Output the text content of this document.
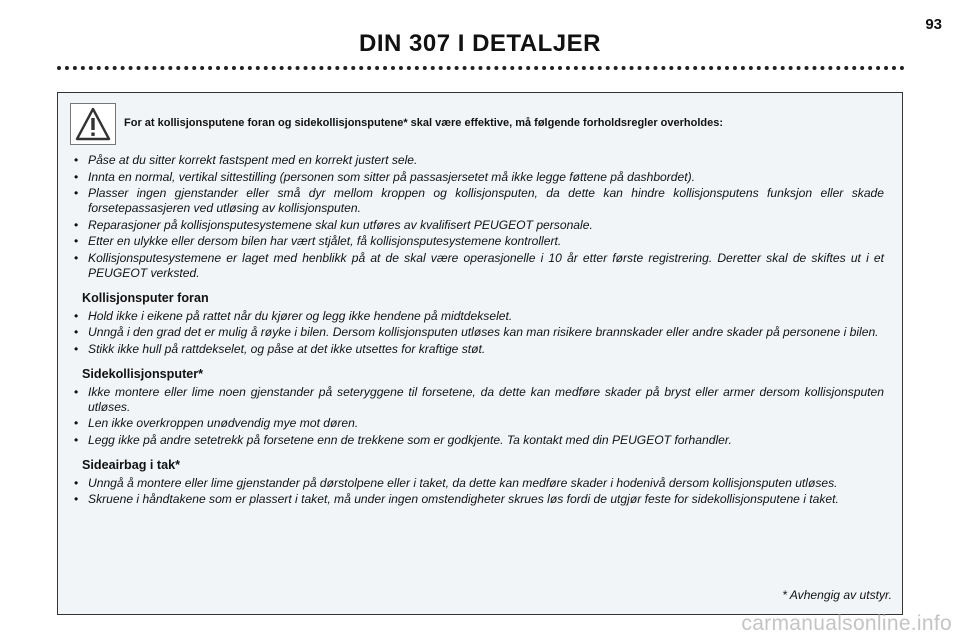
93
DIN 307 I DETALJER
For at kollisjonsputene foran og sidekollisjonsputene* skal være effektive, må følgende forholdsregler overholdes:
• Påse at du sitter korrekt fastspent med en korrekt justert sele.
• Innta en normal, vertikal sittestilling (personen som sitter på passasjersetet må ikke legge føttene på dashbordet).
• Plasser ingen gjenstander eller små dyr mellom kroppen og kollisjonsputen, da dette kan hindre kollisjonsputens funksjon eller skade forsetepassasjeren ved utløsing av kollisjonsputen.
• Reparasjoner på kollisjonsputesystemene skal kun utføres av kvalifisert PEUGEOT personale.
• Etter en ulykke eller dersom bilen har vært stjålet, få kollisjonsputesystemene kontrollert.
• Kollisjonsputesystemene er laget med henblikk på at de skal være operasjonelle i 10 år etter første registrering. Deretter skal de skiftes ut i et PEUGEOT verksted.
Kollisjonsputer foran
• Hold ikke i eikene på rattet når du kjører og legg ikke hendene på midtdekselet.
• Unngå i den grad det er mulig å røyke i bilen. Dersom kollisjonsputen utløses kan man risikere brannskader eller andre skader på personene i bilen.
• Stikk ikke hull på rattdekselet, og påse at det ikke utsettes for kraftige støt.
Sidekollisjonsputer*
• Ikke montere eller lime noen gjenstander på seteryggene til forsetene, da dette kan medføre skader på bryst eller armer dersom kollisjonsputen utløses.
• Len ikke overkroppen unødvendig mye mot døren.
• Legg ikke på andre setetrekk på forsetene enn de trekkene som er godkjente. Ta kontakt med din PEUGEOT forhandler.
Sideairbag i tak*
• Unngå å montere eller lime gjenstander på dørstolpene eller i taket, da dette kan medføre skader i hodenivå dersom kollisjonsputen utløses.
• Skruene i håndtakene som er plassert i taket, må under ingen omstendigheter skrues løs fordi de utgjør feste for sidekollisjonsputene i taket.
* Avhengig av utstyr.
carmanualsonline.info
